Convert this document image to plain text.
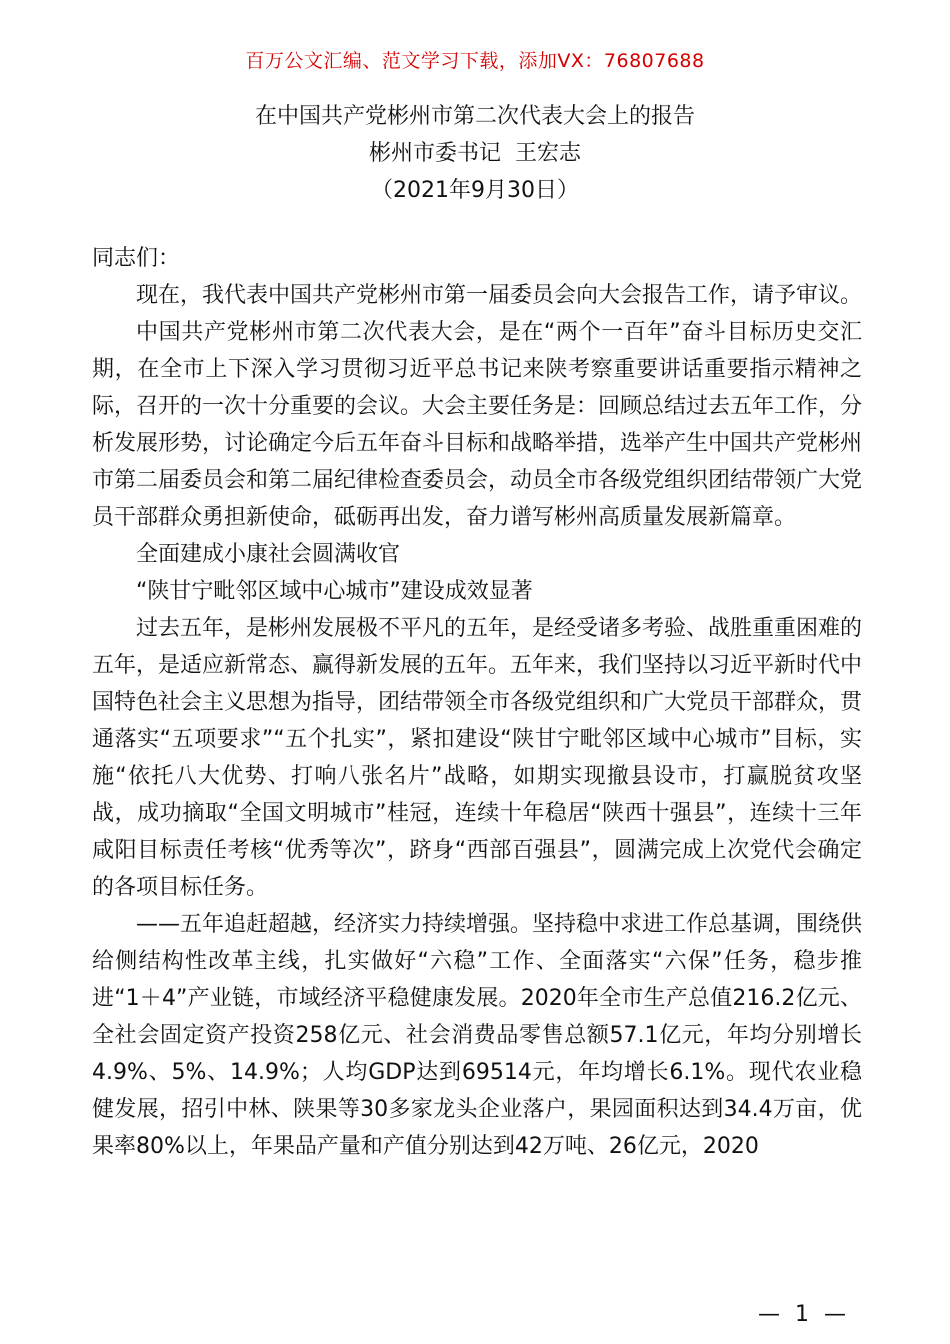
百万公文汇编、范文学习下载，添加VX：76807688
在中国共产党彬州市第二次代表大会上的报告
彬州市委书记  王宏志
（2021年9月30日）

同志们：

现在，我代表中国共产党彬州市第一届委员会向大会报告工作，请予审议。

中国共产党彬州市第二次代表大会，是在“两个一百年”奋斗目标历史交汇期，在全市上下深入学习贯彻习近平总书记来陕考察重要讲话重要指示精神之际，召开的一次十分重要的会议。大会主要任务是：回顾总结过去五年工作，分析发展形势，讨论确定今后五年奋斗目标和战略举措，选举产生中国共产党彬州市第二届委员会和第二届纪律检查委员会，动员全市各级党组织团结带领广大党员干部群众勇担新使命，砥砺再出发，奋力谱写彬州高质量发展新篇章。

全面建成小康社会圆满收官

“陕甘宁毗邻区域中心城市”建设成效显著

过去五年，是彬州发展极不平凡的五年，是经受诸多考验、战胜重重困难的五年，是适应新常态、赢得新发展的五年。五年来，我们坚持以习近平新时代中国特色社会主义思想为指导，团结带领全市各级党组织和广大党员干部群众，贯通落实“五项要求”“五个扎实”，紧扣建设“陕甘宁毗邻区域中心城市”目标，实施“依托八大优势、打响八张名片”战略，如期实现撤县设市，打赢脱贫攻坚战，成功摘取“全国文明城市”桂冠，连续十年稳居“陕西十强县”，连续十三年咸阳目标责任考核“优秀等次”，跻身“西部百强县”，圆满完成上次党代会确定的各项目标任务。

——五年追赶超越，经济实力持续增强。坚持稳中求进工作总基调，围绕供给侧结构性改革主线，扎实做好“六稳”工作、全面落实“六保”任务，稳步推进“1＋4”产业链，市域经济平稳健康发展。2020年全市生产总值216.2亿元、全社会固定资产投资258亿元、社会消费品零售总额57.1亿元，年均分别增长4.9%、5%、14.9%；人均GDP达到69514元，年均增长6.1%。现代农业稳健发展，招引中林、陕果等30多家龙头企业落户，果园面积达到34.4万亩，优果率80%以上，年果品产量和产值分别达到42万吨、26亿元，2020

— 1 —
